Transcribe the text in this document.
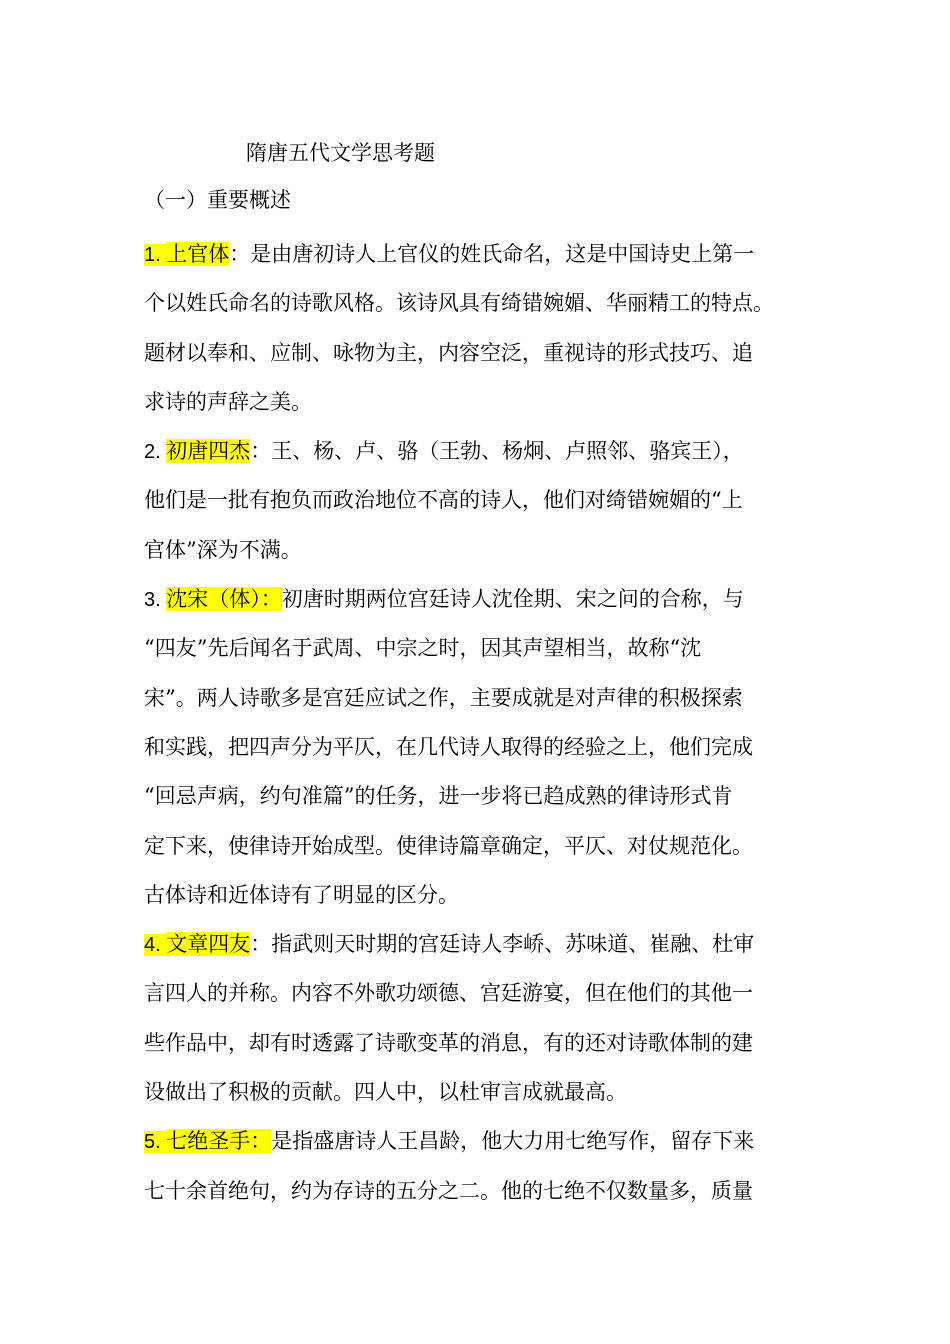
隋唐五代文学思考题
（一）重要概述
1. 上官体：是由唐初诗人上官仪的姓氏命名，这是中国诗史上第一
个以姓氏命名的诗歌风格。该诗风具有绮错婉媚、华丽精工的特点。
题材以奉和、应制、咏物为主，内容空泛，重视诗的形式技巧、追
求诗的声辞之美。
2. 初唐四杰：王、杨、卢、骆（王勃、杨炯、卢照邻、骆宾王），
他们是一批有抱负而政治地位不高的诗人，他们对绮错婉媚的“上
官体”深为不满。
3. 沈宋（体）：初唐时期两位宫廷诗人沈佺期、宋之问的合称，与
“四友”先后闻名于武周、中宗之时，因其声望相当，故称“沈
宋”。两人诗歌多是宫廷应试之作，主要成就是对声律的积极探索
和实践，把四声分为平仄，在几代诗人取得的经验之上，他们完成
“回忌声病，约句准篇”的任务，进一步将已趋成熟的律诗形式肯
定下来，使律诗开始成型。使律诗篇章确定，平仄、对仗规范化。
古体诗和近体诗有了明显的区分。
4. 文章四友：指武则天时期的宫廷诗人李峤、苏味道、崔融、杜审
言四人的并称。内容不外歌功颂德、宫廷游宴，但在他们的其他一
些作品中，却有时透露了诗歌变革的消息，有的还对诗歌体制的建
设做出了积极的贡献。四人中，以杜审言成就最高。
5. 七绝圣手：是指盛唐诗人王昌龄，他大力用七绝写作，留存下来
七十余首绝句，约为存诗的五分之二。他的七绝不仅数量多，质量
